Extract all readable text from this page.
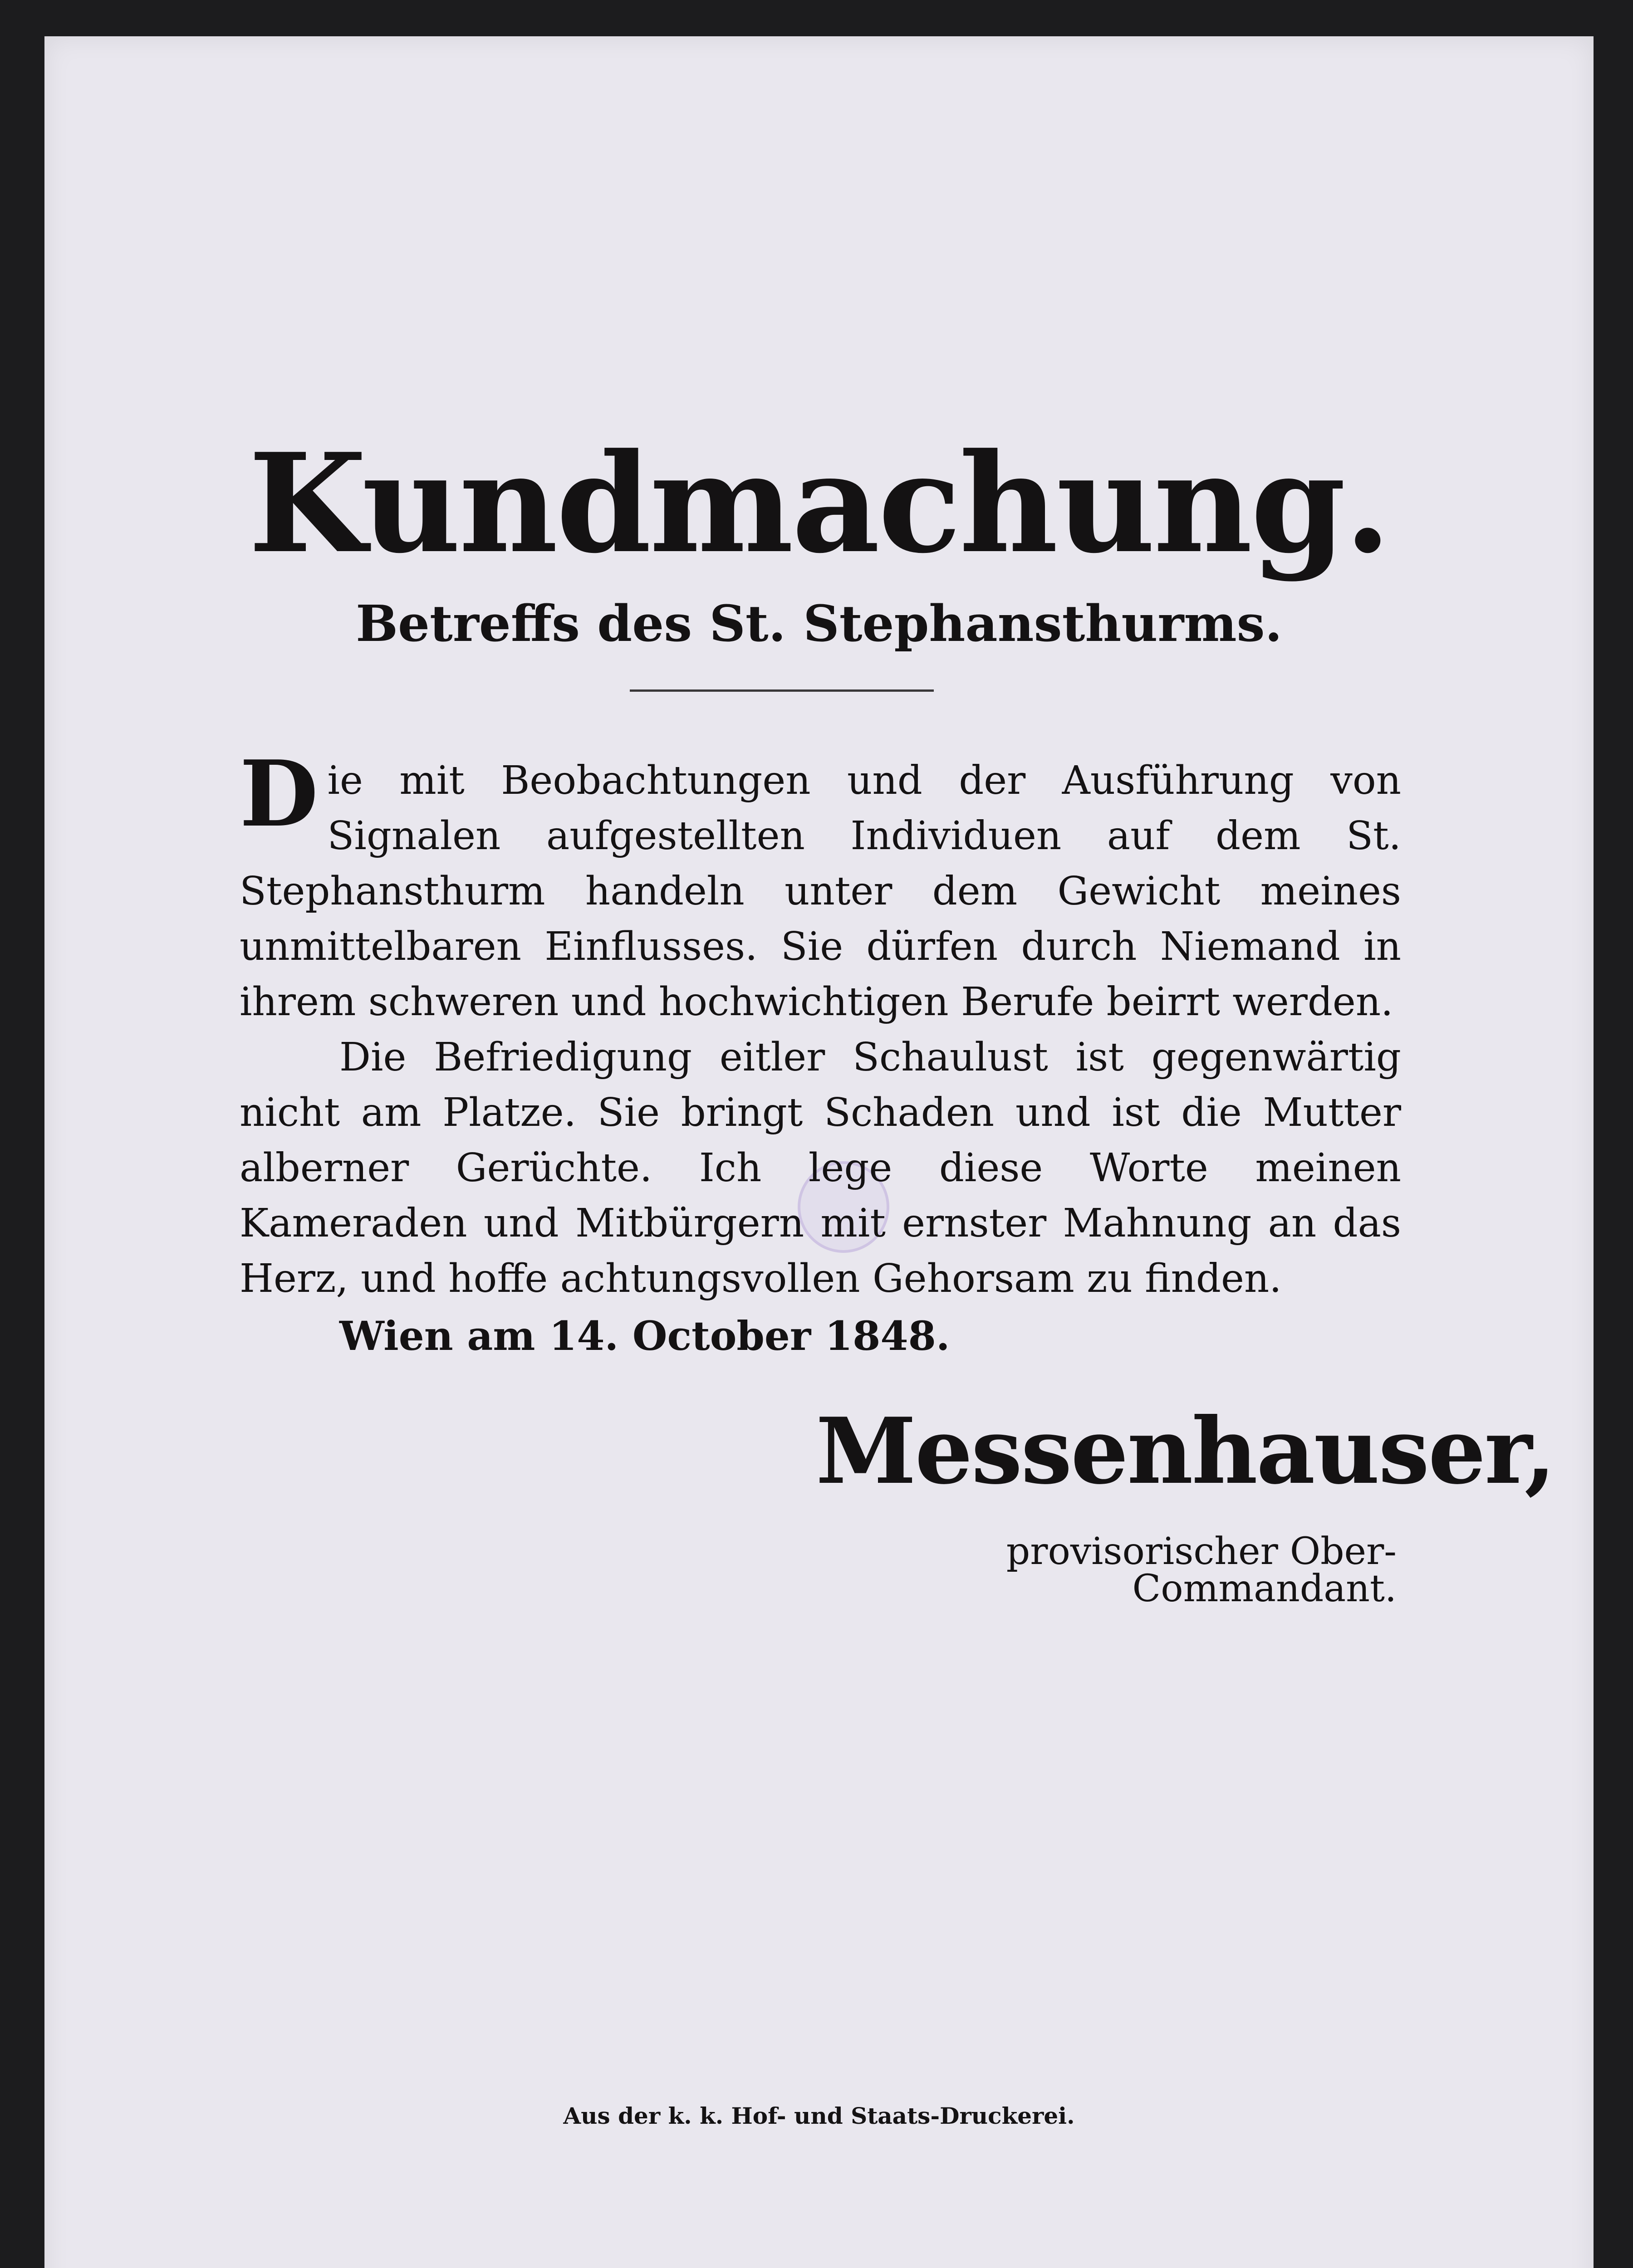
Kundmachung.
Betreffs des St. Stephansthurms.

Die mit Beobachtungen und der Ausführung von Signalen aufgestellten Individuen auf dem St. Stephansthurm handeln unter dem Gewicht meines unmittelbaren Einflusses. Sie dürfen durch Niemand in ihrem schweren und hochwichtigen Berufe beirrt werden.

Die Befriedigung eitler Schaulust ist gegenwärtig nicht am Platze. Sie bringt Schaden und ist die Mutter alberner Gerüchte. Ich lege diese Worte meinen Kameraden und Mitbürgern mit ernster Mahnung an das Herz, und hoffe achtungsvollen Gehorsam zu finden.

Wien am 14. October 1848.

Messenhauser,
provisorischer Ober-Commandant.
Aus der k. k. Hof- und Staats-Druckerei.
